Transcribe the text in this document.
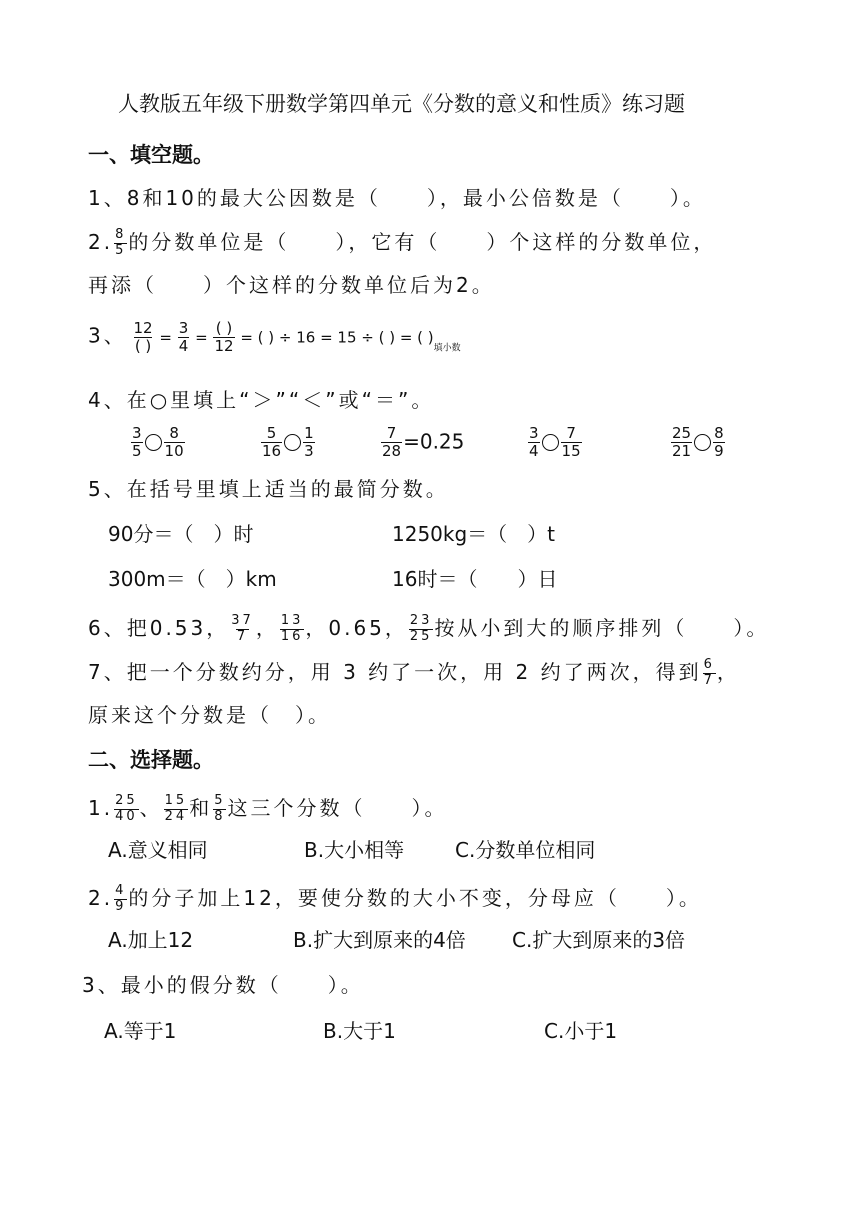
人教版五年级下册数学第四单元《分数的意义和性质》练习题
一、填空题。
1、8和10的最大公因数是（　　），最小公倍数是（　　）。
2. $\frac{8}{5}$ 的分数单位是（　　），它有（　　）个这样的分数单位，
再添（　　）个这样的分数单位后为2。
3、 $\frac{12}{( )} = \frac{3}{4} = \frac{( )}{12}$ = ( ) ÷ 16 = 15 ÷ ( ) = ( )$_{填小数}$
4、在○里填上“＞”“＜”或“＝”。
$\frac{3}{5} \frac{8}{10}$	$\frac{5}{16} \frac{1}{3}$	$\frac{7}{28} =0.25$	$\frac{3}{4} \frac{7}{15}$	$\frac{25}{21} \frac{8}{9}$
5、在括号里填上适当的最简分数。
90分＝（　）时	1250kg＝（　）t
300m＝（　）km	16时＝（　　）日
6、把0.53， $\frac{37}{7}$ ， $\frac{13}{16}$ ，0.65， $\frac{23}{25}$ 按从小到大的顺序排列（　　）。
7、把一个分数约分，用 3 约了一次，用 2 约了两次，得到 $\frac{6}{7}$ ，
原来这个分数是（　）。
二、选择题。
1. $\frac{25}{40}$ 、 $\frac{15}{24}$ 和 $\frac{5}{8}$ 这三个分数（　　）。
A.意义相同	B.大小相等	C.分数单位相同
2. $\frac{4}{9}$ 的分子加上12，要使分数的大小不变，分母应（　　）。
A.加上12	B.扩大到原来的4倍 C.扩大到原来的3倍
3、最小的假分数（　　）。
A.等于1	B.大于1	C.小于1
